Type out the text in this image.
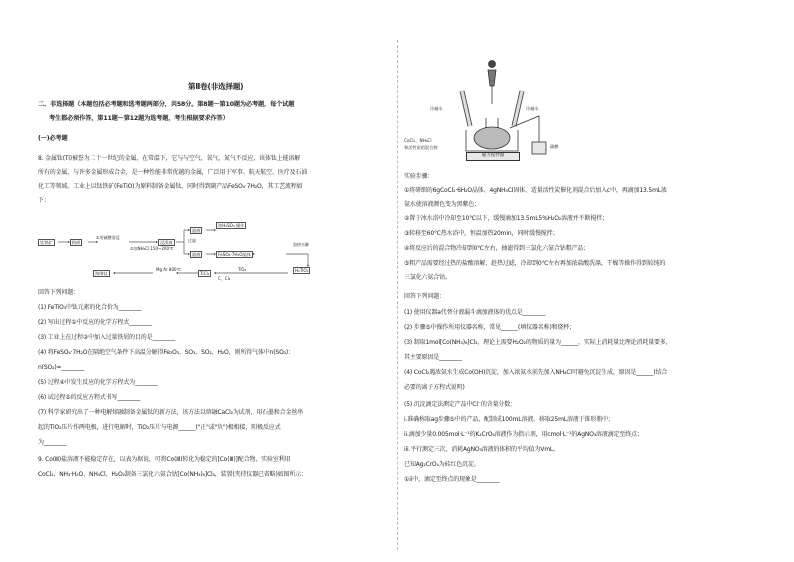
第Ⅱ卷(非选择题)
二、非选择题（本题包括必考题和选考题两部分，共58分。第8题～第10题为必考题，每个试题
考生都必须作答，第11题～第12题为选考题，考生根据要求作答）
(一)必考题
8. 金属钛(Ti)被誉为二十一世纪的金属，在常温下，它与与空气、氧气、氮气不反应，该体钛上能溶解
所有的金属，与许多金属形成合金，是一种性能非常优越的金属，广泛用于军事、航天航空、医疗及石油
化工等领域。工业上以钛铁矿(FeTiO)为原料制备金属钛，同时得到副产品FeSO₄·7H₂O，其工艺流程如
下：
钛铁矿	粉碎
①用硫酸溶浸
浸渍液
②加NH₄Cl 150~200℃
滤液
过滤
滤液
浓H₂SO₄ 操作
FeSO₄·7H₂O晶体
加热水解
H₂TiO₃
TiO₂
TiCl₄
C、Cl₂
Mg Ar 800℃
海绵钛
回答下列问题：
(1) FeTiO₃中钛元素的化合价为________
(2) 写出过程①中反应的化学方程式________
(3) 工业上在过程②中加入过量铁屑的目的是________
(4) 将FeSO₄·7H₂O在隔绝空气条件下高温分解得Fe₂O₃、SO₃、SO₂、H₂O，则所得气体中n(SO₃)：
n(SO₂)=________
(5) 过程④中发生反应的化学方程式为________
(6) 试过程⑤的反应方程式书写________
(7) 科学家研究出了一种电解熔融制备金属钛的新方法，该方法以熔融CaCl₂为试剂，用石墨和合金丝串
起的TiO₂压片作两电极，进行电解时，TiO₂压片与电源______("正"或"负")极相接，阳极反应式
为________
9. Co(Ⅲ)盐溶液不能稳定存在，以表为据说，可将Co(Ⅲ)转化为稳定的[Co(Ⅲ)]配合物，实验室利用
CoCl₂、NH₃·H₂O、NH₄Cl、H₂O₂制备三氯化六氨合钴[Co(NH₃)₆]Cl₃，装置(夹持仪器已省略)如图所示：
冷凝水	冷凝水
CoCl₂、NH₄Cl
和活性炭的混合物
磁力搅拌器
碳酸
实验步骤：
①将研细的6gCoCl₂·6H₂O晶体、4gNH₄Cl固体、适量活性炭催化剂混合后加入c中，再滴加13.5mL浓
氨水使溶液颜色变为黑紫色；
②置于冰水浴中冷却至10℃以下，缓慢滴加13.5mL5%H₂O₂溶液并不断搅拌；
③转移至60℃热水浴中，恒温加热20min，同时缓慢搅拌；
④将反应后的混合物冷却到0℃左右，抽滤得到三氯化六氨合钴粗产品；
⑤粗产品需要经过热的盐酸溶解、趁热过滤，冷却到0℃左右再加浓盐酸洗涤，干燥等操作得到较纯的
三氯化六氨合钴。
回答下列问题：
(1) 使用仪器a代替分液漏斗滴加液体的优点是________
(2) 步骤⑤中操作所用仪器名称，常见______(填仪器名称)和烧杯；
(3) 制取1mol[Co(NH₃)₆]Cl₃，理论上需要H₂O₂的物质的量为______，实际上消耗量比理论消耗量要多，
其主要原因是________
(4) CoCl₂遇浓氨水生成Co(OH)沉淀，加入浓氨水前先加入NH₄Cl可避免沉淀生成，原因是______(结合
必要的离子方程式说明)
(5) 沉淀滴定法测定产品中Cl⁻的含量分数：
i.准确称取ag步骤⑤中的产品，配制成100mL溶液，移取25mL溶液于锥形瓶中；
ii.滴加少量0.005mol·L⁻¹的K₂CrO₄溶液作为指示剂，用cmol·L⁻¹的AgNO₃溶液滴定至终点；
iii.平行测定三次，消耗AgNO₃溶液的体积的平均值为VmL。
已知Ag₂CrO₄为砖红色沉淀。
①ii中，滴定至终点的现象是________
